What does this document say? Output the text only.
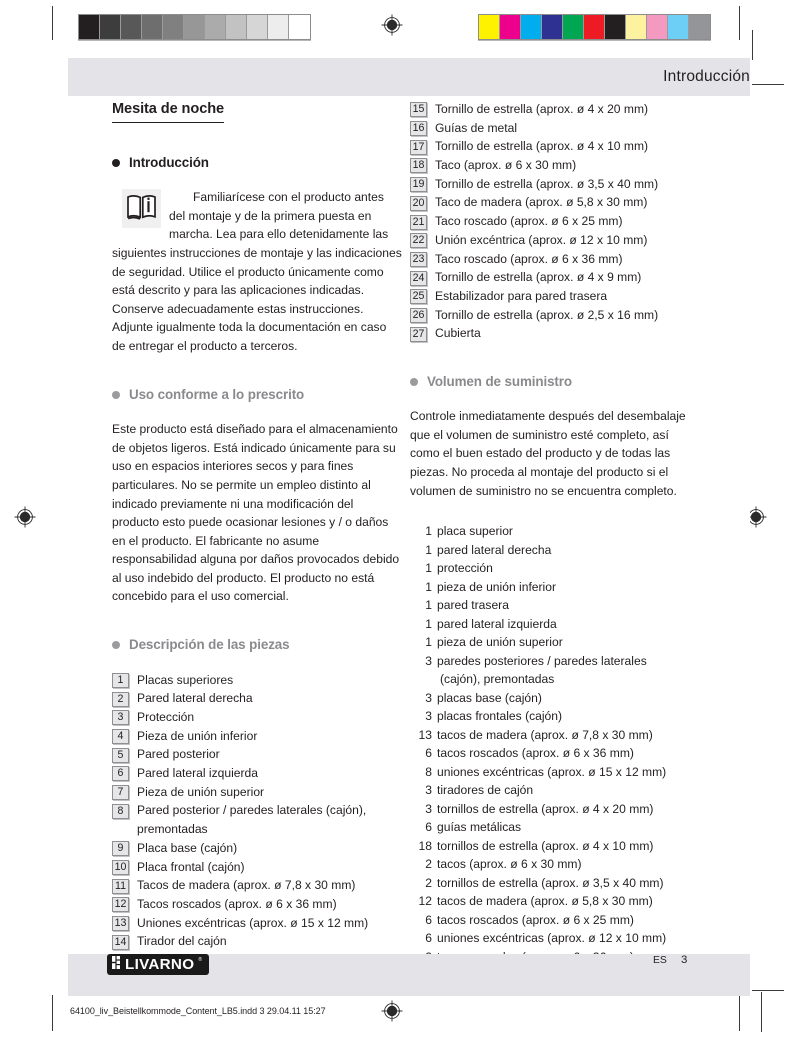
Introducción
Mesita de noche
Introducción

Familiarícese con el producto antes del montaje y de la primera puesta en marcha. Lea para ello detenidamente las siguientes instrucciones de montaje y las indicaciones de seguridad. Utilice el producto únicamente como está descrito y para las aplicaciones indicadas. Conserve adecuadamente estas instrucciones. Adjunte igualmente toda la documentación en caso de entregar el producto a terceros.

Uso conforme a lo prescrito

Este producto está diseñado para el almacenamiento de objetos ligeros. Está indicado únicamente para su uso en espacios interiores secos y para fines particulares. No se permite un empleo distinto al indicado previamente ni una modificación del producto esto puede ocasionar lesiones y / o daños en el producto. El fabricante no asume responsabilidad alguna por daños provocados debido al uso indebido del producto. El producto no está concebido para el uso comercial.

Descripción de las piezas
1	Placas superiores
2	Pared lateral derecha
3	Protección
4	Pieza de unión inferior
5	Pared posterior
6	Pared lateral izquierda
7	Pieza de unión superior
8	Pared posterior / paredes laterales (cajón),
premontadas
9	Placa base (cajón)
10 Placa frontal (cajón)
11 Tacos de madera (aprox. ø 7,8 x 30 mm)
12 Tacos roscados (aprox. ø 6 x 36 mm)
13 Uniones excéntricas (aprox. ø 15 x 12 mm)
14 Tirador del cajón
15 Tornillo de estrella (aprox. ø 4 x 20 mm)
16 Guías de metal
17 Tornillo de estrella (aprox. ø 4 x 10 mm)
18 Taco (aprox. ø 6 x 30 mm)
19 Tornillo de estrella (aprox. ø 3,5 x 40 mm)
20 Taco de madera (aprox. ø 5,8 x 30 mm)
21 Taco roscado (aprox. ø 6 x 25 mm)
22 Unión excéntrica (aprox. ø 12 x 10 mm)
23 Taco roscado (aprox. ø 6 x 36 mm)
24 Tornillo de estrella (aprox. ø 4 x 9 mm)
25 Estabilizador para pared trasera
26 Tornillo de estrella (aprox. ø 2,5 x 16 mm)
27 Cubierta
Volumen de suministro

Controle inmediatamente después del desembalaje que el volumen de suministro esté completo, así como el buen estado del producto y de todas las piezas. No proceda al montaje del producto si el volumen de suministro no se encuentra completo.

1 placa superior
1 pared lateral derecha
1 protección
1 pieza de unión inferior
1 pared trasera
1 pared lateral izquierda
1 pieza de unión superior
3 paredes posteriores / paredes laterales
(cajón), premontadas
3 placas base (cajón)
3 placas frontales (cajón)
13 tacos de madera (aprox. ø 7,8 x 30 mm)
6 tacos roscados (aprox. ø 6 x 36 mm)
8 uniones excéntricas (aprox. ø 15 x 12 mm)
3 tiradores de cajón
3 tornillos de estrella (aprox. ø 4 x 20 mm)
6 guías metálicas
18 tornillos de estrella (aprox. ø 4 x 10 mm)
2 tacos (aprox. ø 6 x 30 mm)
2 tornillos de estrella (aprox. ø 3,5 x 40 mm)
12 tacos de madera (aprox. ø 5,8 x 30 mm)
6 tacos roscados (aprox. ø 6 x 25 mm)
6 uniones excéntricas (aprox. ø 12 x 10 mm)
LIVARNO ®	ES 3
64100_liv_Beistellkommode_Content_LB5.indd 3 29.04.11 15:27
